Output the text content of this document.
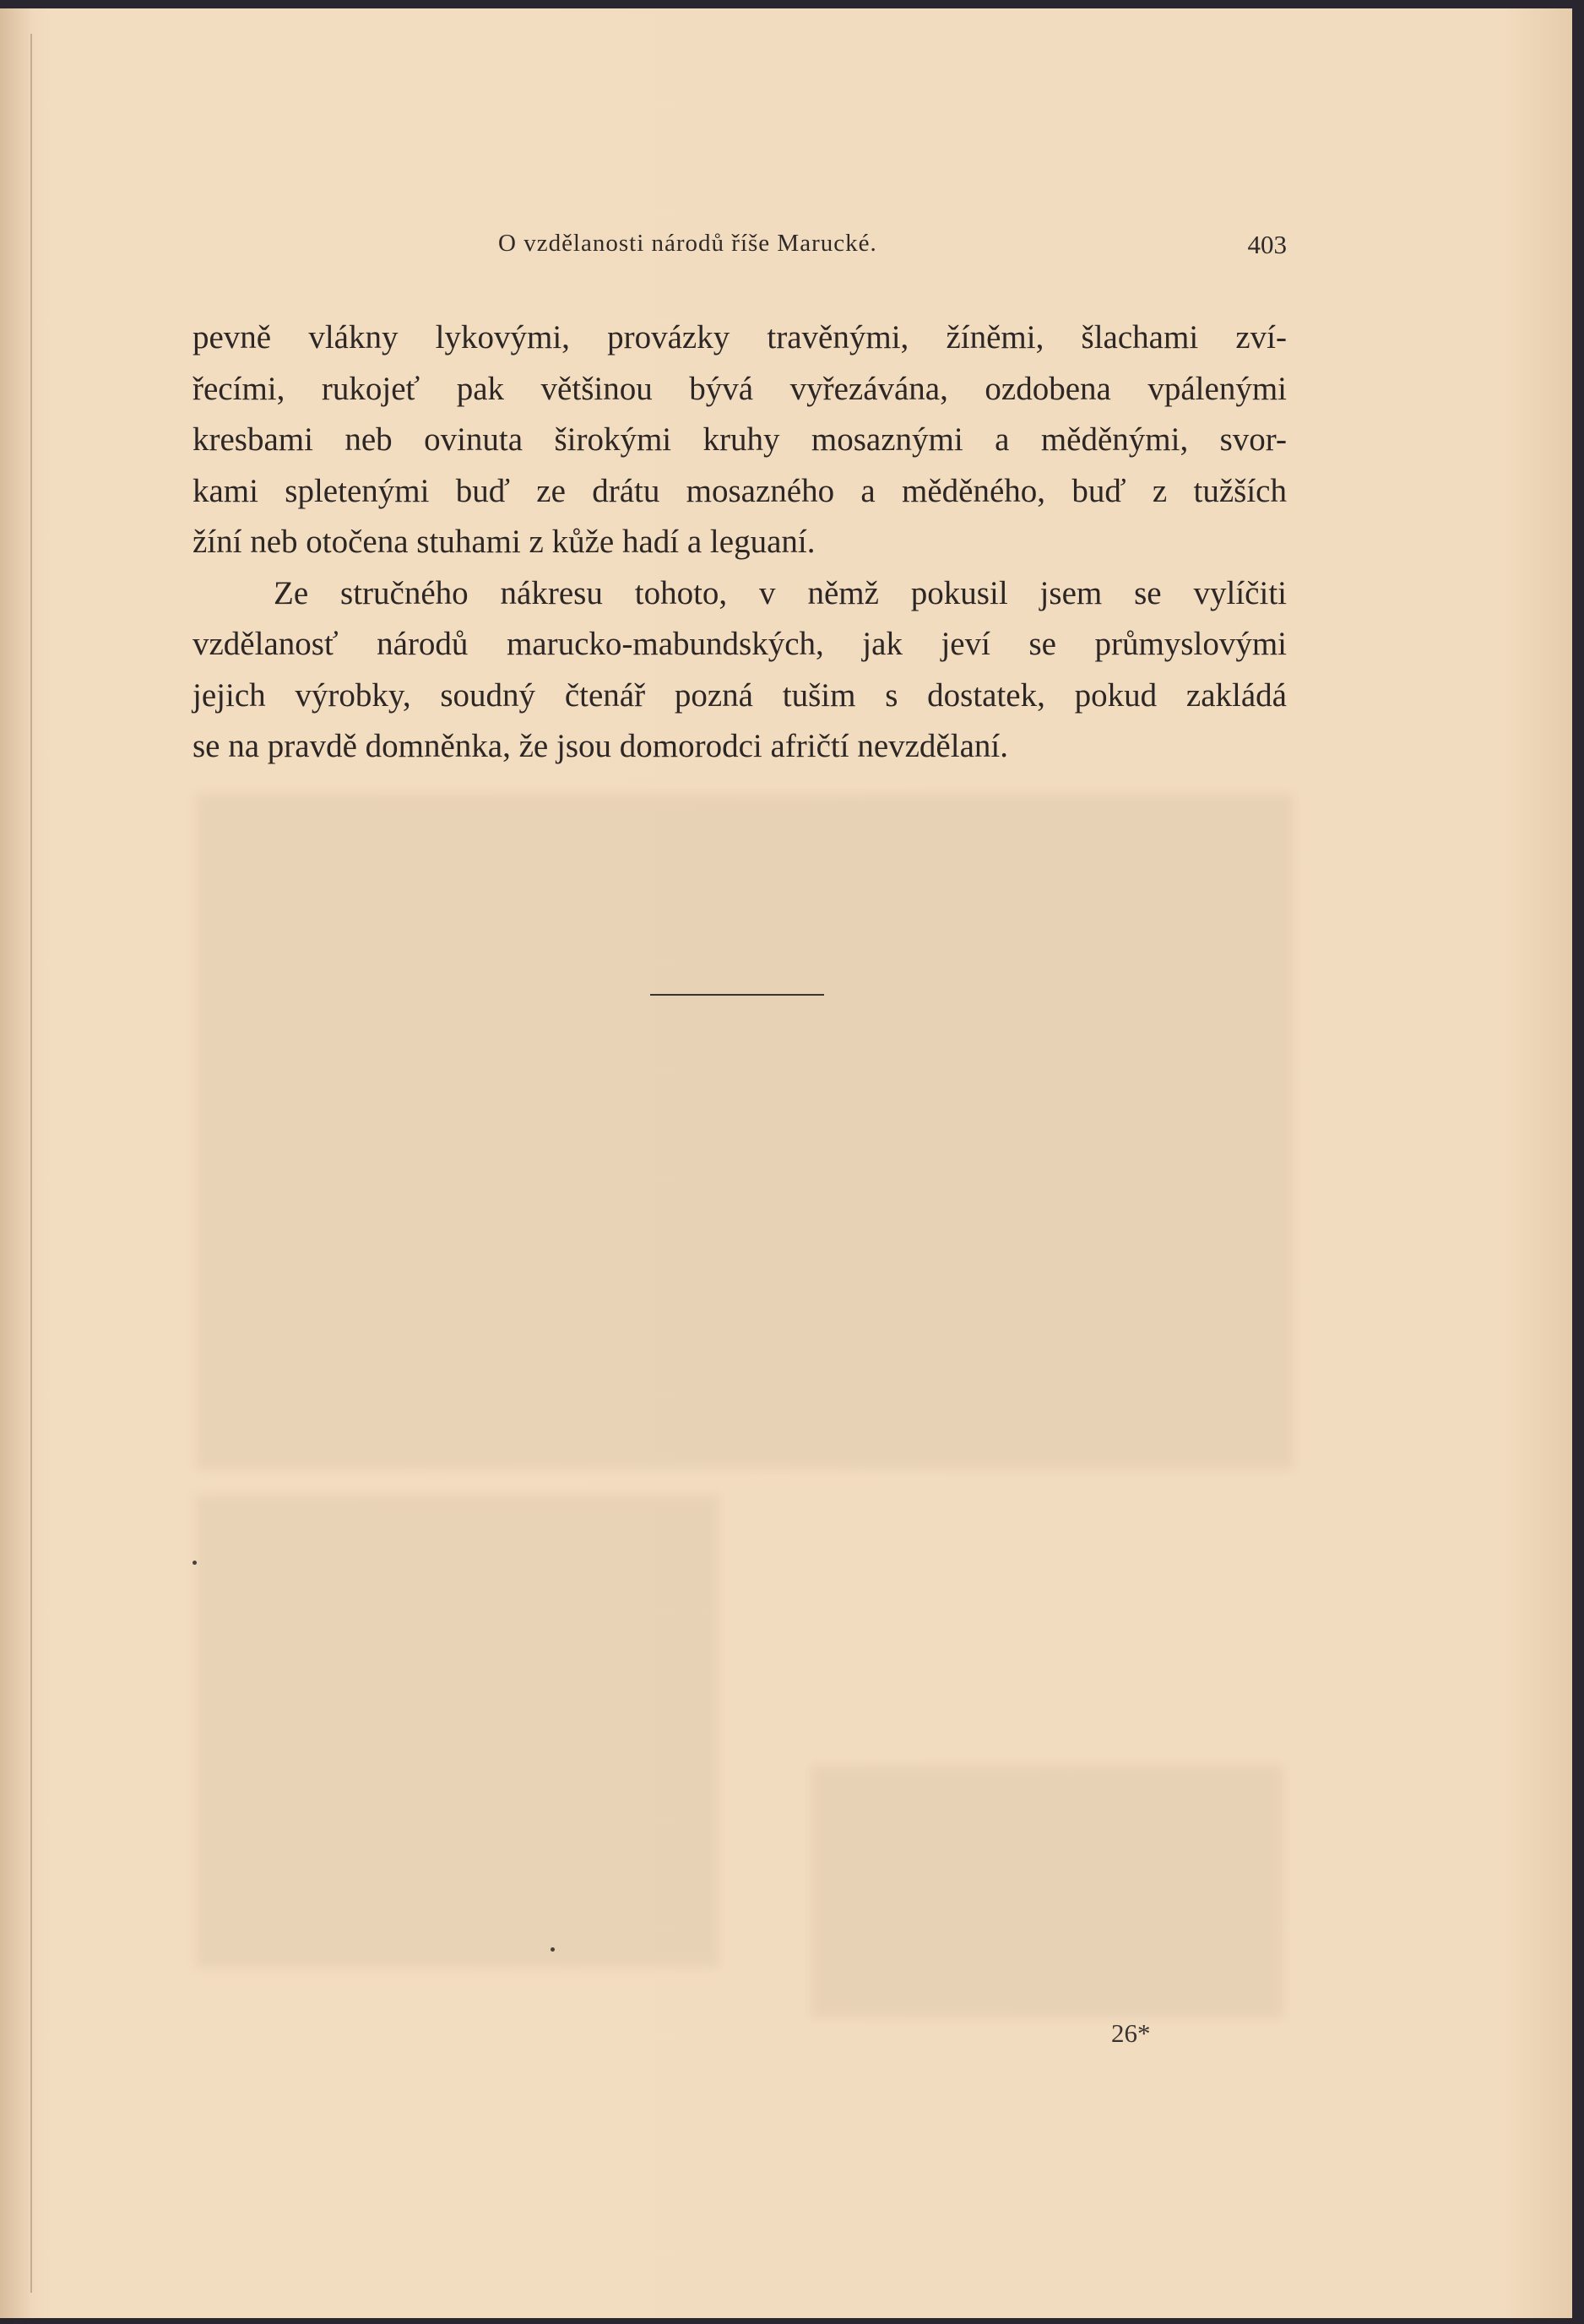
O vzdělanosti národů říše Marucké.	403

pevně vlákny lykovými, provázky travěnými, žíněmi, šlachami zví-
řecími, rukojeť pak většinou bývá vyřezávána, ozdobena vpálenými
kresbami neb ovinuta širokými kruhy mosaznými a měděnými, svor-
kami spletenými buď ze drátu mosazného a měděného, buď z tužších
žíní neb otočena stuhami z kůže hadí a leguaní.

Ze stručného nákresu tohoto, v němž pokusil jsem se vylíčiti
vzdělanosť národů marucko-mabundských, jak jeví se průmyslovými
jejich výrobky, soudný čtenář pozná tušim s dostatek, pokud zakládá
se na pravdě domněnka, že jsou domorodci afričtí nevzdělaní.

26*
